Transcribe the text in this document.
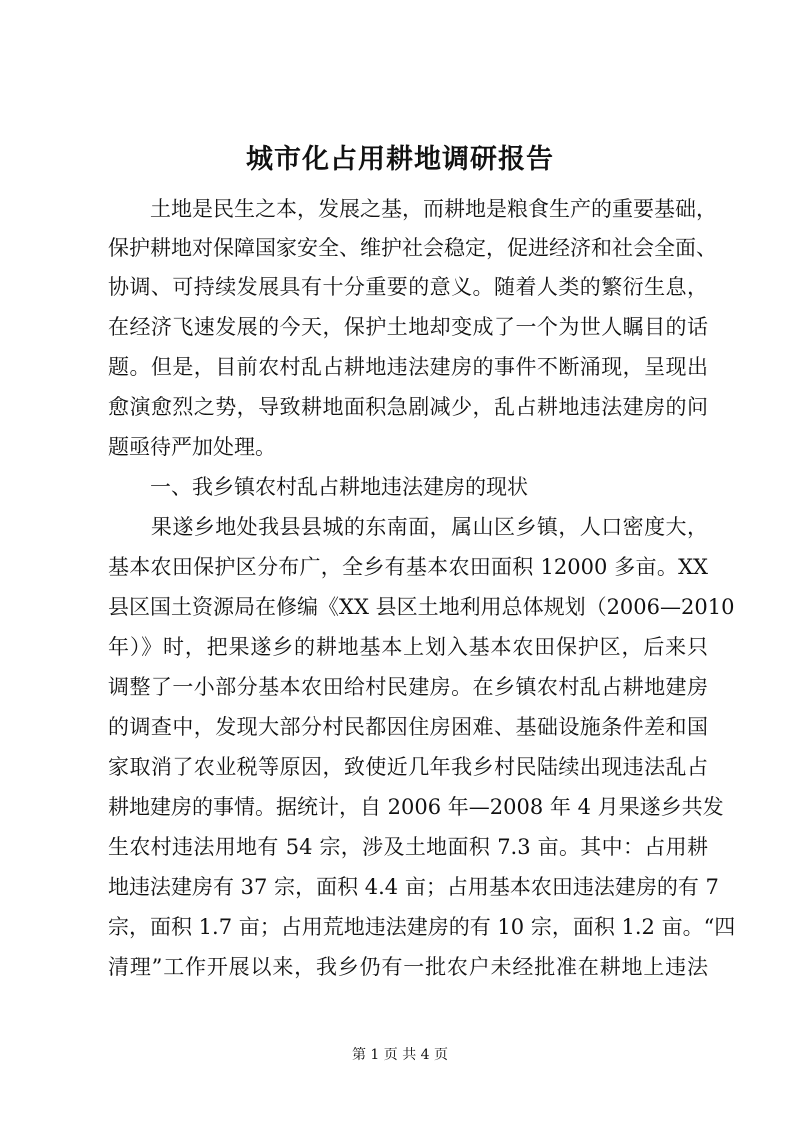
城市化占用耕地调研报告
　　土地是民生之本，发展之基，而耕地是粮食生产的重要基础，
保护耕地对保障国家安全、维护社会稳定，促进经济和社会全面、
协调、可持续发展具有十分重要的意义。随着人类的繁衍生息，
在经济飞速发展的今天，保护土地却变成了一个为世人瞩目的话
题。但是，目前农村乱占耕地违法建房的事件不断涌现，呈现出
愈演愈烈之势，导致耕地面积急剧减少，乱占耕地违法建房的问
题亟待严加处理。
　　一、我乡镇农村乱占耕地违法建房的现状
　　果遂乡地处我县县城的东南面，属山区乡镇，人口密度大，
基本农田保护区分布广，全乡有基本农田面积 12000 多亩。XX
县区国土资源局在修编《XX 县区土地利用总体规划（2006—2010
年）》时，把果遂乡的耕地基本上划入基本农田保护区，后来只
调整了一小部分基本农田给村民建房。在乡镇农村乱占耕地建房
的调查中，发现大部分村民都因住房困难、基础设施条件差和国
家取消了农业税等原因，致使近几年我乡村民陆续出现违法乱占
耕地建房的事情。据统计，自 2006 年—2008 年 4 月果遂乡共发
生农村违法用地有 54 宗，涉及土地面积 7.3 亩。其中：占用耕
地违法建房有 37 宗，面积 4.4 亩；占用基本农田违法建房的有 7
宗，面积 1.7 亩；占用荒地违法建房的有 10 宗，面积 1.2 亩。“四
清理”工作开展以来，我乡仍有一批农户未经批准在耕地上违法
第 1 页 共 4 页
